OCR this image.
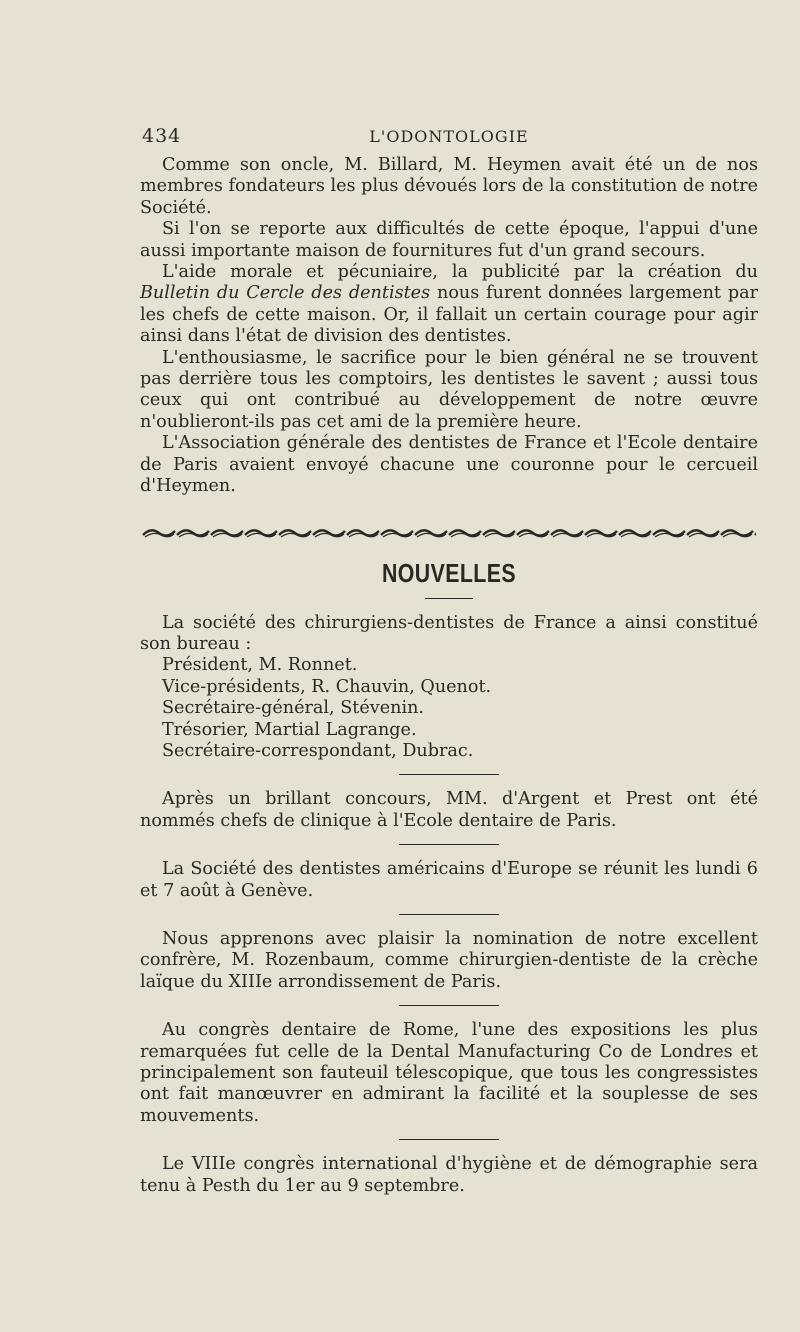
434	L'ODONTOLOGIE

Comme son oncle, M. Billard, M. Heymen avait été un de nos membres fondateurs les plus dévoués lors de la constitution de notre Société.

Si l'on se reporte aux difficultés de cette époque, l'appui d'une aussi importante maison de fournitures fut d'un grand secours.

L'aide morale et pécuniaire, la publicité par la création du Bulletin du Cercle des dentistes nous furent données largement par les chefs de cette maison. Or, il fallait un certain courage pour agir ainsi dans l'état de division des dentistes.

L'enthousiasme, le sacrifice pour le bien général ne se trouvent pas derrière tous les comptoirs, les dentistes le savent ; aussi tous ceux qui ont contribué au développement de notre œuvre n'oublieront-ils pas cet ami de la première heure.

L'Association générale des dentistes de France et l'Ecole dentaire de Paris avaient envoyé chacune une couronne pour le cercueil d'Heymen.

NOUVELLES

La société des chirurgiens-dentistes de France a ainsi constitué son bureau :

Président, M. Ronnet.
Vice-présidents, R. Chauvin, Quenot.
Secrétaire-général, Stévenin.
Trésorier, Martial Lagrange.
Secrétaire-correspondant, Dubrac.

Après un brillant concours, MM. d'Argent et Prest ont été nommés chefs de clinique à l'Ecole dentaire de Paris.

La Société des dentistes américains d'Europe se réunit les lundi 6 et 7 août à Genève.

Nous apprenons avec plaisir la nomination de notre excellent confrère, M. Rozenbaum, comme chirurgien-dentiste de la crèche laïque du XIIIe arrondissement de Paris.

Au congrès dentaire de Rome, l'une des expositions les plus remarquées fut celle de la Dental Manufacturing Co de Londres et principalement son fauteuil télescopique, que tous les congressistes ont fait manœuvrer en admirant la facilité et la souplesse de ses mouvements.

Le VIIIe congrès international d'hygiène et de démographie sera tenu à Pesth du 1er au 9 septembre.
